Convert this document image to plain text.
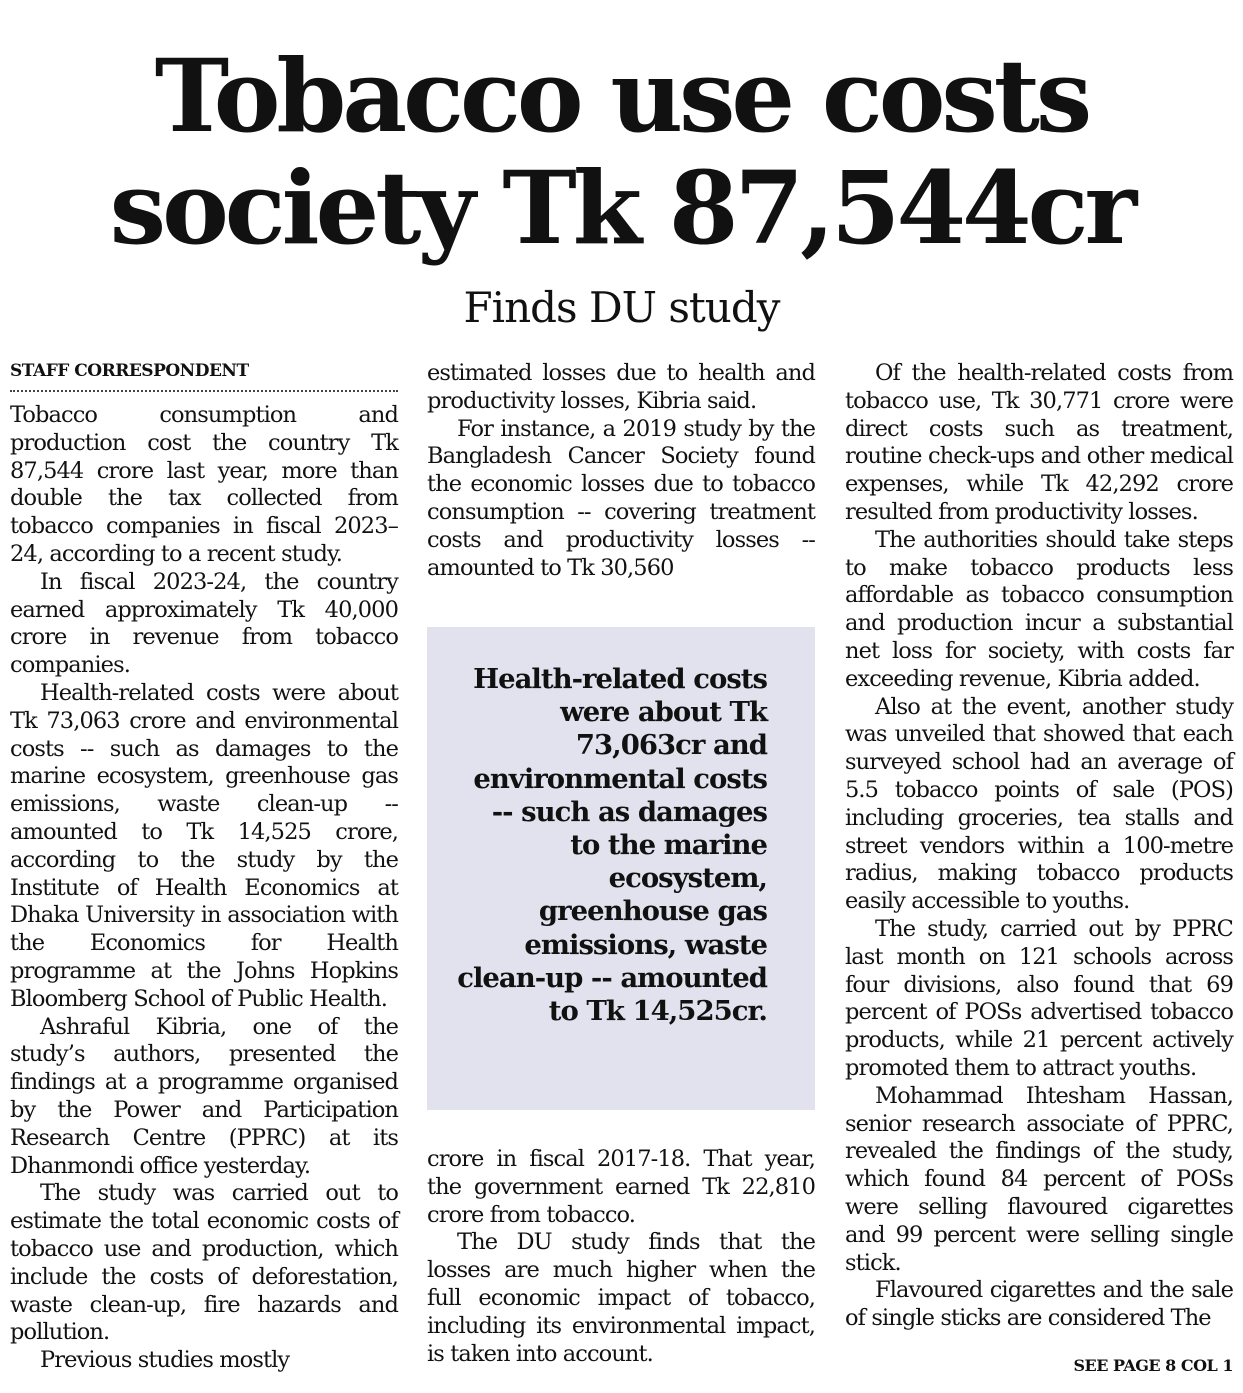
Tobacco use costs
society Tk 87,544cr
Finds DU study
STAFF CORRESPONDENT

Tobacco consumption and production cost the country Tk 87,544 crore last year, more than double the tax collected from tobacco companies in fiscal 2023–24, according to a recent study.

In fiscal 2023-24, the country earned approximately Tk 40,000 crore in revenue from tobacco companies.

Health-related costs were about Tk 73,063 crore and environmental costs -- such as damages to the marine ecosystem, greenhouse gas emissions, waste clean-up -- amounted to Tk 14,525 crore, according to the study by the Institute of Health Economics at Dhaka University in association with the Economics for Health programme at the Johns Hopkins Bloomberg School of Public Health.

Ashraful Kibria, one of the study’s authors, presented the findings at a programme organised by the Power and Participation Research Centre (PPRC) at its Dhanmondi office yesterday.

The study was carried out to estimate the total economic costs of tobacco use and production, which include the costs of deforestation, waste clean-up, fire hazards and pollution.

Previous studies mostly

estimated losses due to health and productivity losses, Kibria said.

For instance, a 2019 study by the Bangladesh Cancer Society found the economic losses due to tobacco consumption -- covering treatment costs and productivity losses -- amounted to Tk 30,560

Health-related costs were about Tk 73,063cr and environmental costs -- such as damages to the marine ecosystem, greenhouse gas emissions, waste clean-up -- amounted to Tk 14,525cr.

crore in fiscal 2017-18. That year, the government earned Tk 22,810 crore from tobacco.

The DU study finds that the losses are much higher when the full economic impact of tobacco, including its environmental impact, is taken into account.

Of the health-related costs from tobacco use, Tk 30,771 crore were direct costs such as treatment, routine check-ups and other medical expenses, while Tk 42,292 crore resulted from productivity losses.

The authorities should take steps to make tobacco products less affordable as tobacco consumption and production incur a substantial net loss for society, with costs far exceeding revenue, Kibria added.

Also at the event, another study was unveiled that showed that each surveyed school had an average of 5.5 tobacco points of sale (POS) including groceries, tea stalls and street vendors within a 100-metre radius, making tobacco products easily accessible to youths.

The study, carried out by PPRC last month on 121 schools across four divisions, also found that 69 percent of POSs advertised tobacco products, while 21 percent actively promoted them to attract youths.

Mohammad Ihtesham Hassan, senior research associate of PPRC, revealed the findings of the study, which found 84 percent of POSs were selling flavoured cigarettes and 99 percent were selling single stick.

Flavoured cigarettes and the sale of single sticks are considered The

SEE PAGE 8 COL 1
